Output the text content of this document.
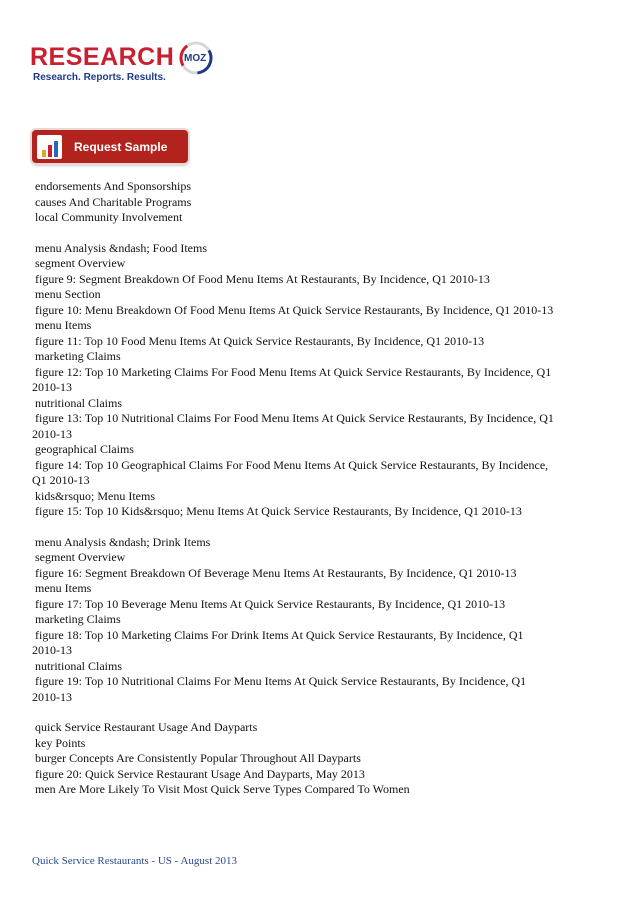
RESEARCH MOZ
Research. Reports. Results.
Request Sample
endorsements And Sponsorships
causes And Charitable Programs
local Community Involvement
menu Analysis &ndash; Food Items
segment Overview
figure 9: Segment Breakdown Of Food Menu Items At Restaurants, By Incidence, Q1 2010-13
menu Section
figure 10: Menu Breakdown Of Food Menu Items At Quick Service Restaurants, By Incidence, Q1 2010-13
menu Items
figure 11: Top 10 Food Menu Items At Quick Service Restaurants, By Incidence, Q1 2010-13
marketing Claims
figure 12: Top 10 Marketing Claims For Food Menu Items At Quick Service Restaurants, By Incidence, Q1
2010-13
nutritional Claims
figure 13: Top 10 Nutritional Claims For Food Menu Items At Quick Service Restaurants, By Incidence, Q1
2010-13
geographical Claims
figure 14: Top 10 Geographical Claims For Food Menu Items At Quick Service Restaurants, By Incidence,
Q1 2010-13
kids&rsquo; Menu Items
figure 15: Top 10 Kids&rsquo; Menu Items At Quick Service Restaurants, By Incidence, Q1 2010-13
menu Analysis &ndash; Drink Items
segment Overview
figure 16: Segment Breakdown Of Beverage Menu Items At Restaurants, By Incidence, Q1 2010-13
menu Items
figure 17: Top 10 Beverage Menu Items At Quick Service Restaurants, By Incidence, Q1 2010-13
marketing Claims
figure 18: Top 10 Marketing Claims For Drink Items At Quick Service Restaurants, By Incidence, Q1
2010-13
nutritional Claims
figure 19: Top 10 Nutritional Claims For Menu Items At Quick Service Restaurants, By Incidence, Q1
2010-13
quick Service Restaurant Usage And Dayparts
key Points
burger Concepts Are Consistently Popular Throughout All Dayparts
figure 20: Quick Service Restaurant Usage And Dayparts, May 2013
men Are More Likely To Visit Most Quick Serve Types Compared To Women
Quick Service Restaurants - US - August 2013
